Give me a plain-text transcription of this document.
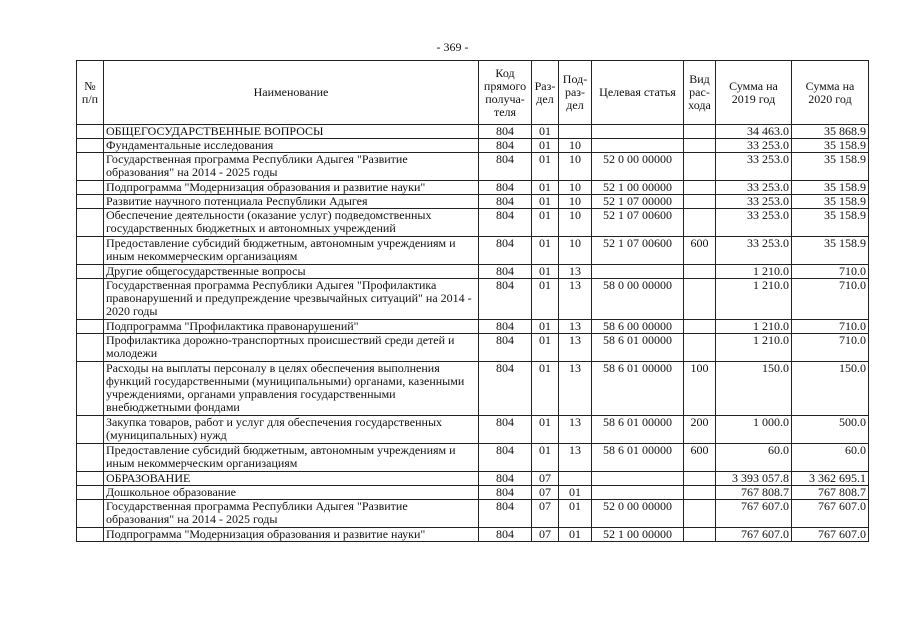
- 369 -
№ п/п	Наименование	Код прямого получа-теля	Раз-дел	Под-раз-дел	Целевая статья	Вид рас-хода	Сумма на 2019 год	Сумма на 2020 год
	ОБЩЕГОСУДАРСТВЕННЫЕ ВОПРОСЫ	804	01				34 463.0	35 868.9
	Фундаментальные исследования	804	01	10			33 253.0	35 158.9
	Государственная программа Республики Адыгея "Развитие образования" на 2014 - 2025 годы	804	01	10	52 0 00 00000		33 253.0	35 158.9
	Подпрограмма "Модернизация образования и развитие науки"	804	01	10	52 1 00 00000		33 253.0	35 158.9
	Развитие научного потенциала Республики Адыгея	804	01	10	52 1 07 00000		33 253.0	35 158.9
	Обеспечение деятельности (оказание услуг) подведомственных государственных бюджетных и автономных учреждений	804	01	10	52 1 07 00600		33 253.0	35 158.9
	Предоставление субсидий бюджетным, автономным учреждениям и иным некоммерческим организациям	804	01	10	52 1 07 00600	600	33 253.0	35 158.9
	Другие общегосударственные вопросы	804	01	13			1 210.0	710.0
	Государственная программа Республики Адыгея "Профилактика правонарушений и предупреждение чрезвычайных ситуаций" на 2014 - 2020 годы	804	01	13	58 0 00 00000		1 210.0	710.0
	Подпрограмма "Профилактика правонарушений"	804	01	13	58 6 00 00000		1 210.0	710.0
	Профилактика дорожно-транспортных происшествий среди детей и молодежи	804	01	13	58 6 01 00000		1 210.0	710.0
	Расходы на выплаты персоналу в целях обеспечения выполнения функций государственными (муниципальными) органами, казенными учреждениями, органами управления государственными внебюджетными фондами	804	01	13	58 6 01 00000	100	150.0	150.0
	Закупка товаров, работ и услуг для обеспечения государственных (муниципальных) нужд	804	01	13	58 6 01 00000	200	1 000.0	500.0
	Предоставление субсидий бюджетным, автономным учреждениям и иным некоммерческим организациям	804	01	13	58 6 01 00000	600	60.0	60.0
	ОБРАЗОВАНИЕ	804	07				3 393 057.8	3 362 695.1
	Дошкольное образование	804	07	01			767 808.7	767 808.7
	Государственная программа Республики Адыгея "Развитие образования" на 2014 - 2025 годы	804	07	01	52 0 00 00000		767 607.0	767 607.0
	Подпрограмма "Модернизация образования и развитие науки"	804	07	01	52 1 00 00000		767 607.0	767 607.0
